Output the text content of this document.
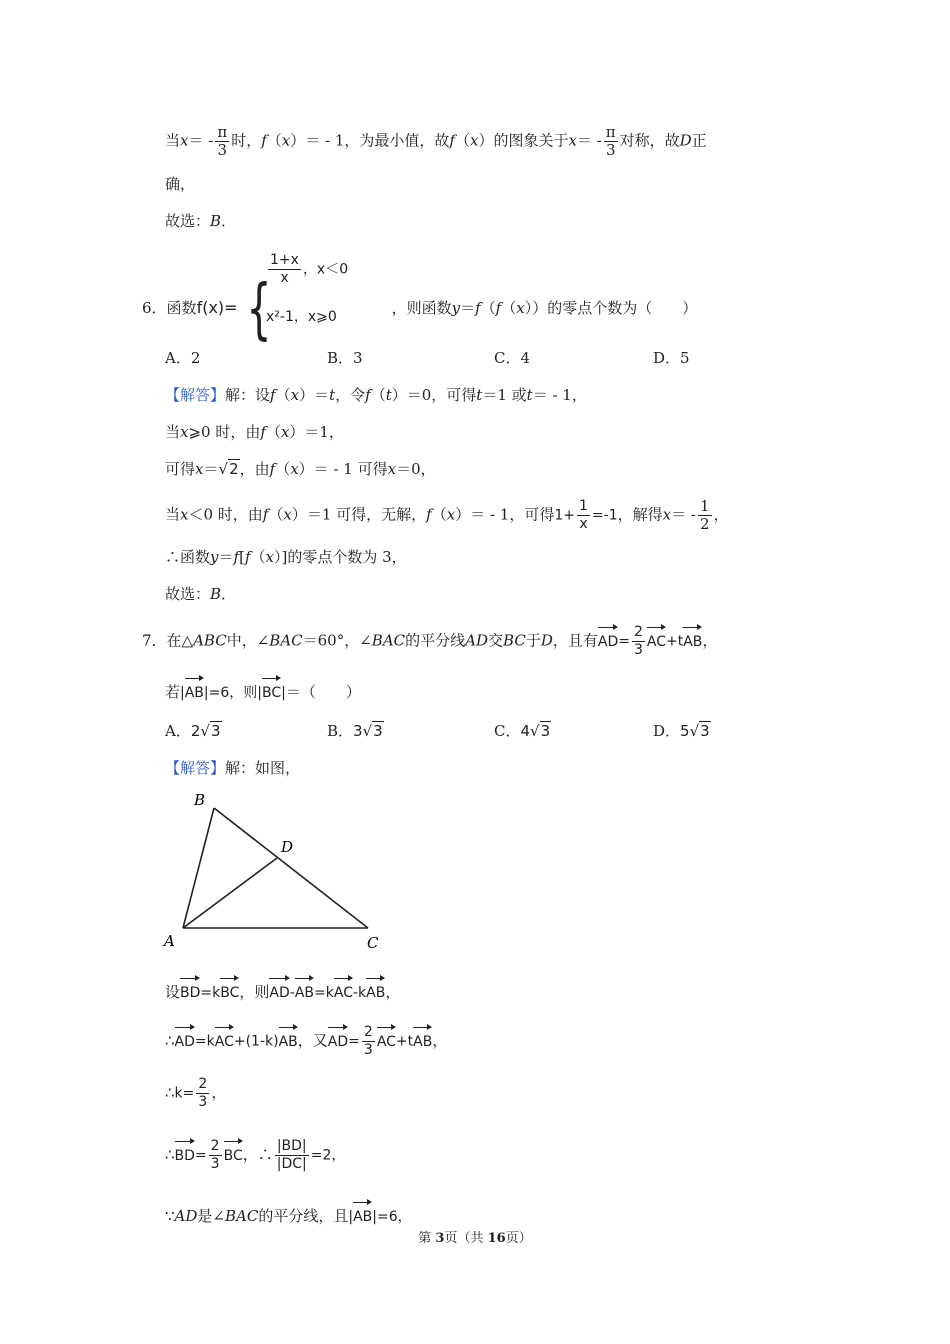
当$x= - \frac{\pi}{3}$ 时，f（x）＝ - 1，为最小值，故f（x）的图象关于$x= - \frac{\pi}{3}$ 对称，故D正
确，
故选：B．
6．函数f(x)= {	，则函数y＝f（f（x））的零点个数为（　　）
$\frac{1+x}{x}$ ，x＜0
x²-1，x⩾0
A．2	B．3	C．4	D．5
【解答】解：设f（x）＝t，令f（t）＝0，可得t＝1 或t＝ - 1，
当x⩾0 时，由f（x）＝1，
可得x＝√2，由f（x）＝ - 1 可得x＝0，
当x＜0 时，由f（x）＝1 可得，无解，f（x）＝ - 1，可得$1+ \frac{1}{x} =-1$，解得$x= - \frac{1}{2}$ ，
∴函数y＝f[f（x）]的零点个数为 3，
故选：B．
7．在△ABC中，∠BAC＝60°，∠BAC的平分线AD交BC于D，且有$AD= \frac{2}{3} AC+tAB$，
若|AB|=6，则|BC|＝（　　）
A．2√3	B．3√3	C．4√3	D．5√3
【解答】解：如图，
B
D
A	C
设BD=kBC，则AD-AB=kAC-kAB，
∴AD=kAC+(1-k)AB，又$AD= \frac{2}{3} AC+tAB$，
∴k= $\frac{2}{3}$ ，
∴BD= $\frac{2}{3}$ BC，∴ $\frac{|BD|}{|DC|} =2$，
∵AD是∠BAC的平分线，且|AB|=6，
第 3页（共 16页）
